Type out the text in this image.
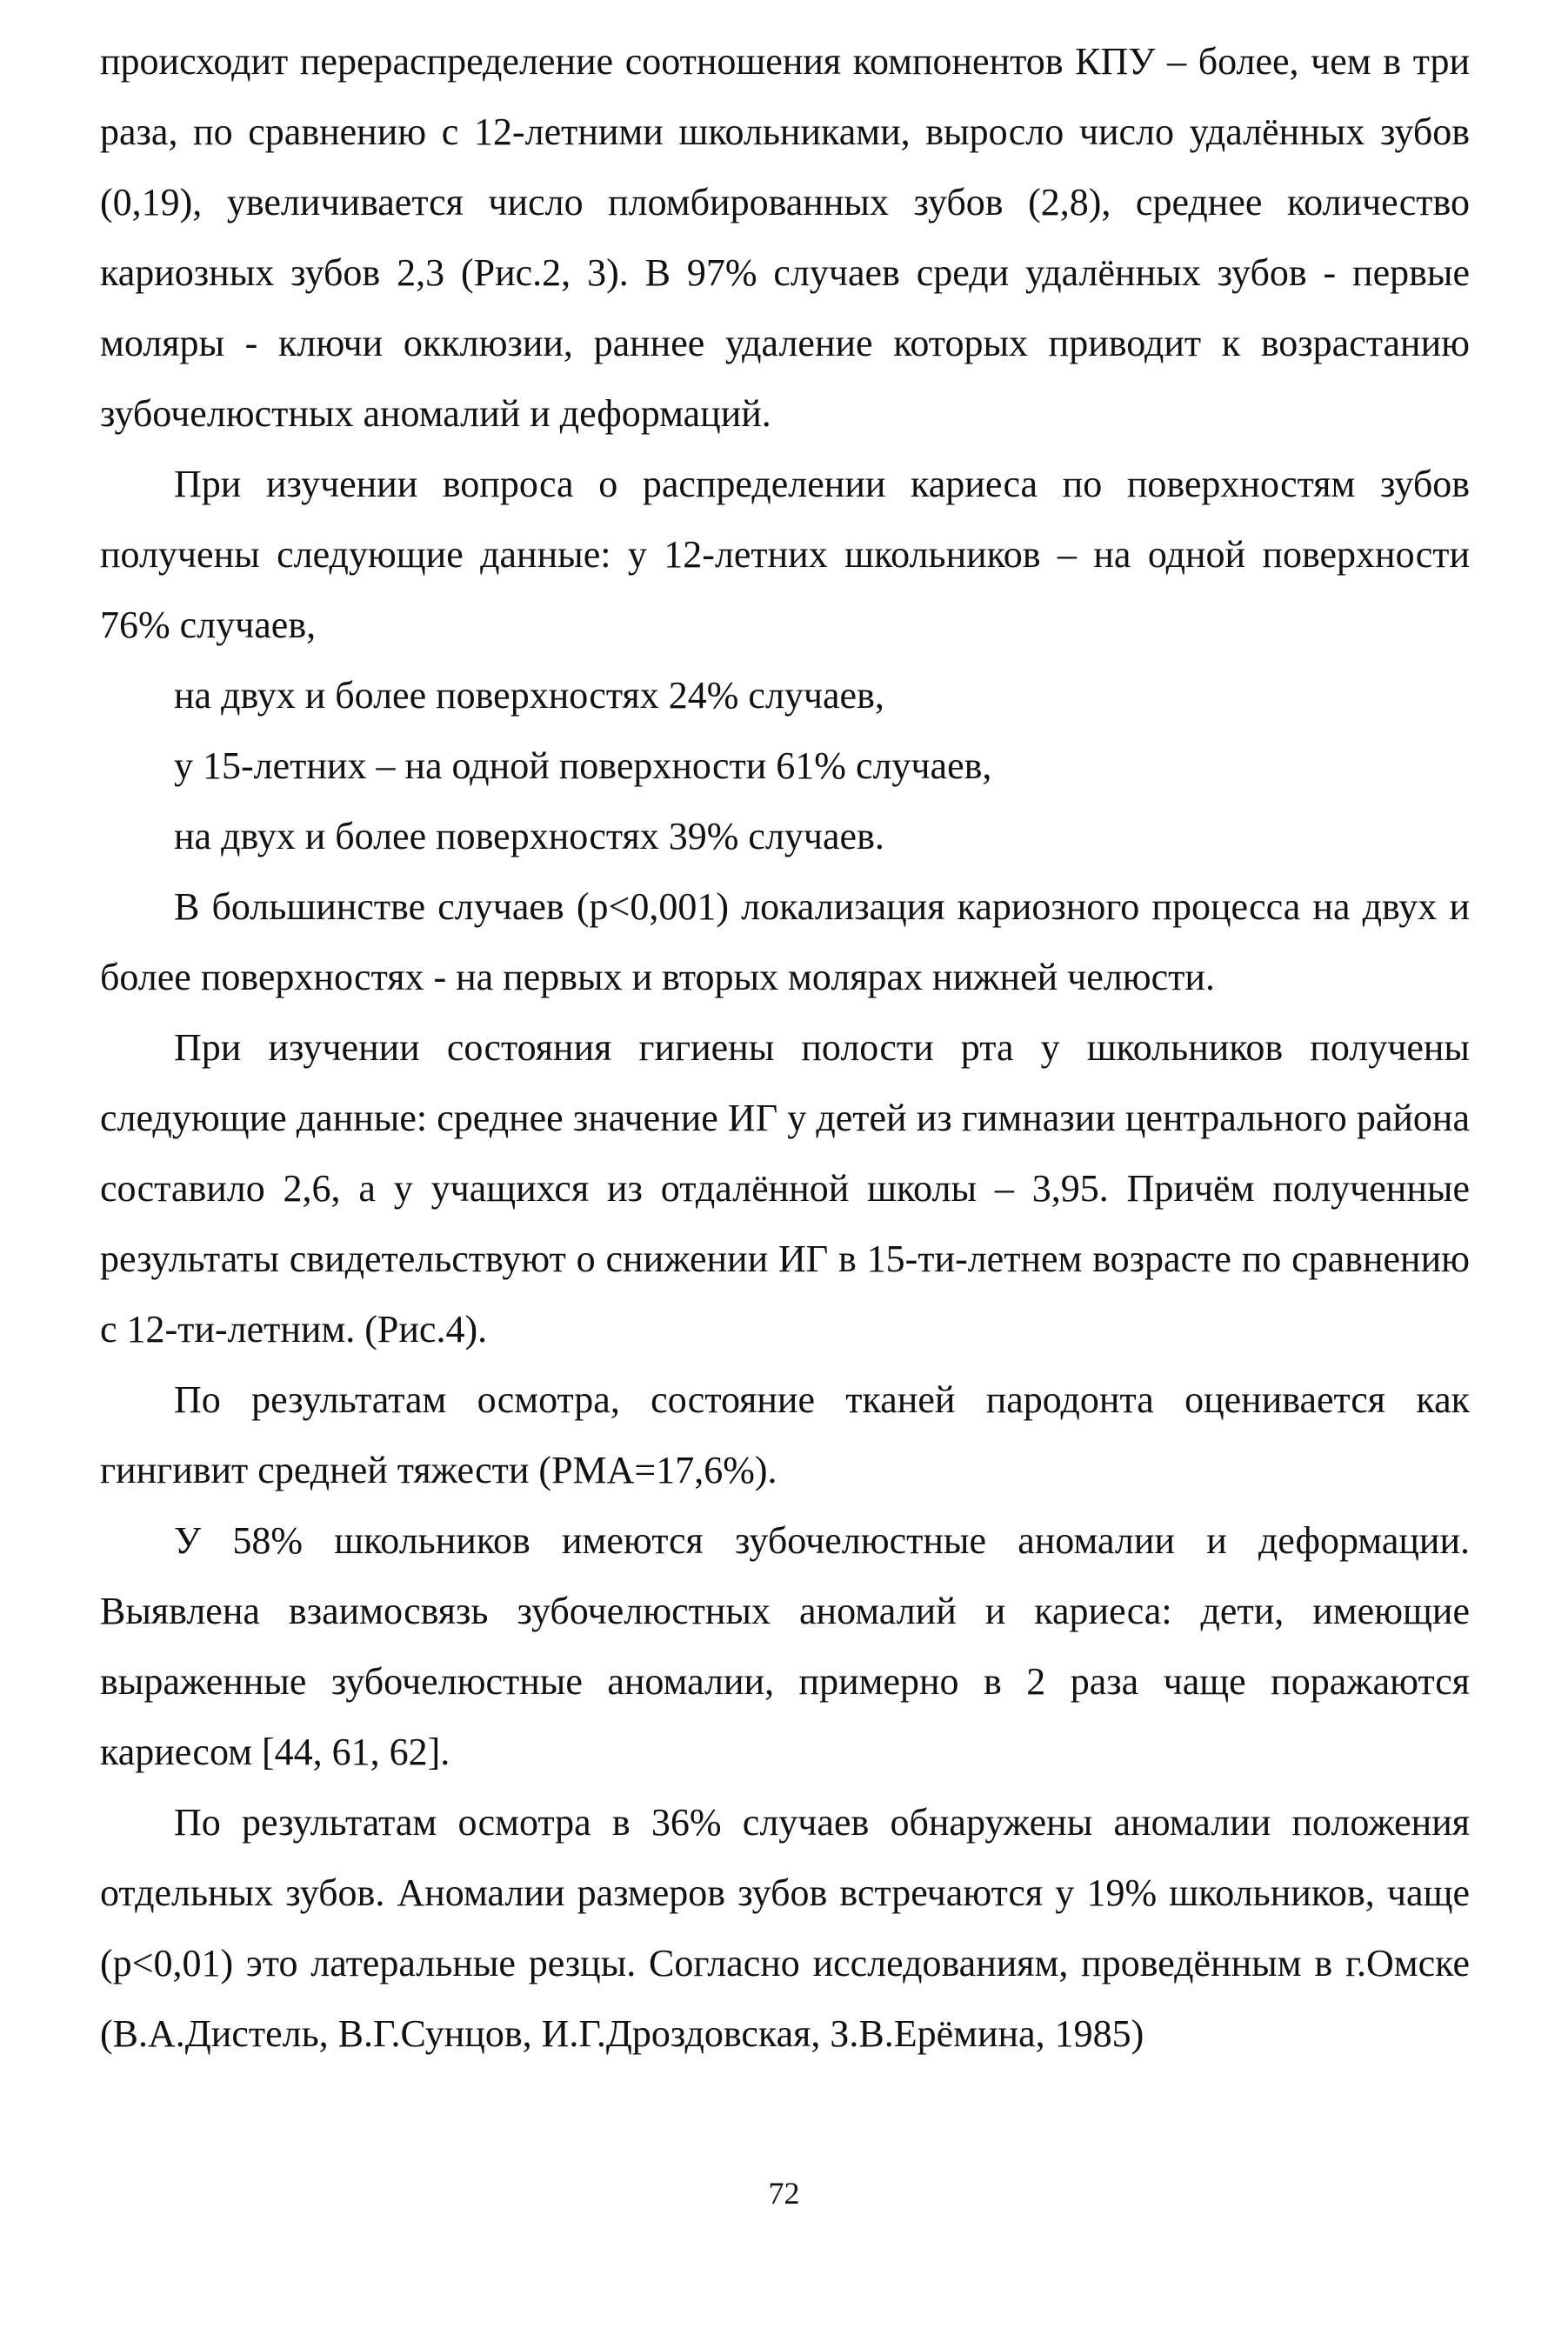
происходит перераспределение соотношения компонентов КПУ – более, чем в три раза, по сравнению с 12-летними школьниками, выросло число удалённых зубов (0,19), увеличивается число пломбированных зубов (2,8), среднее количество кариозных зубов 2,3 (Рис.2, 3). В 97% случаев среди удалённых зубов - первые моляры - ключи окклюзии, раннее удаление которых приводит к возрастанию зубочелюстных аномалий и деформаций.

При изучении вопроса о распределении кариеса по поверхностям зубов получены следующие данные: у 12-летних школьников – на одной поверхности 76% случаев,

на двух и более поверхностях 24% случаев,

у 15-летних – на одной поверхности 61% случаев,

на двух и более поверхностях 39% случаев.

В большинстве случаев (p<0,001) локализация кариозного процесса на двух и более поверхностях - на первых и вторых молярах нижней челюсти.

При изучении состояния гигиены полости рта у школьников получены следующие данные: среднее значение ИГ у детей из гимназии центрального района составило 2,6, а у учащихся из отдалённой школы – 3,95. Причём полученные результаты свидетельствуют о снижении ИГ в 15-ти-летнем возрасте по сравнению с 12-ти-летним. (Рис.4).

По результатам осмотра, состояние тканей пародонта оценивается как гингивит средней тяжести (РМА=17,6%).

У 58% школьников имеются зубочелюстные аномалии и деформации. Выявлена взаимосвязь зубочелюстных аномалий и кариеса: дети, имеющие выраженные зубочелюстные аномалии, примерно в 2 раза чаще поражаются кариесом [44, 61, 62].

По результатам осмотра в 36% случаев обнаружены аномалии положения отдельных зубов. Аномалии размеров зубов встречаются у 19% школьников, чаще (p<0,01) это латеральные резцы. Согласно исследованиям, проведённым в г.Омске (В.А.Дистель, В.Г.Сунцов, И.Г.Дроздовская, З.В.Ерёмина, 1985)

72
